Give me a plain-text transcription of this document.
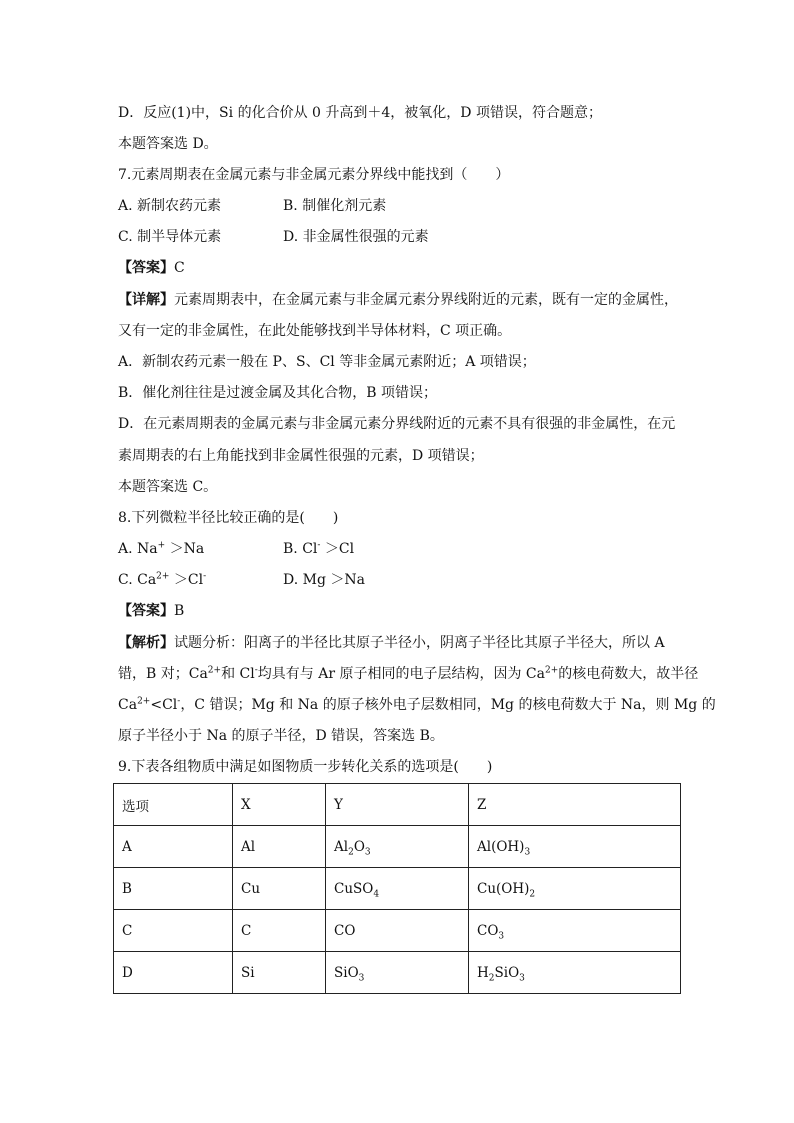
D．反应(1)中，Si 的化合价从 0 升高到＋4，被氧化，D 项错误，符合题意；
本题答案选 D。
7.元素周期表在金属元素与非金属元素分界线中能找到（　　）
A. 新制农药元素	B. 制催化剂元素
C. 制半导体元素	D. 非金属性很强的元素
【答案】C
【详解】元素周期表中，在金属元素与非金属元素分界线附近的元素，既有一定的金属性，
又有一定的非金属性，在此处能够找到半导体材料，C 项正确。
A．新制农药元素一般在 P、S、Cl 等非金属元素附近；A 项错误；
B．催化剂往往是过渡金属及其化合物，B 项错误；
D．在元素周期表的金属元素与非金属元素分界线附近的元素不具有很强的非金属性，在元
素周期表的右上角能找到非金属性很强的元素，D 项错误；
本题答案选 C。
8.下列微粒半径比较正确的是(　　)
A. Na+ ＞Na	B. Cl- ＞Cl
C. $Ca^{2+} >Cl^-$	D. Mg ＞Na
【答案】B
【解析】试题分析：阳离子的半径比其原子半径小，阴离子半径比其原子半径大，所以 A
错，B 对；$Ca^{2+}$和 Cl-均具有与 Ar 原子相同的电子层结构，因为 $Ca^{2+}$的核电荷数大，故半径
$Ca^{2+}<Cl^-$，C 错误；Mg 和 Na 的原子核外电子层数相同，Mg 的核电荷数大于 Na，则 Mg 的
原子半径小于 Na 的原子半径，D 错误，答案选 B。
9.下表各组物质中满足如图物质一步转化关系的选项是(　　)
选项	X	Y	Z
A	Al	$Al_2O_3$	$Al(OH)_3$
B	Cu	CuSO$_4$	$Cu(OH)_2$
C	C	CO	$CO_3$
D	Si	SiO$_3$	$H_2SiO_3$
